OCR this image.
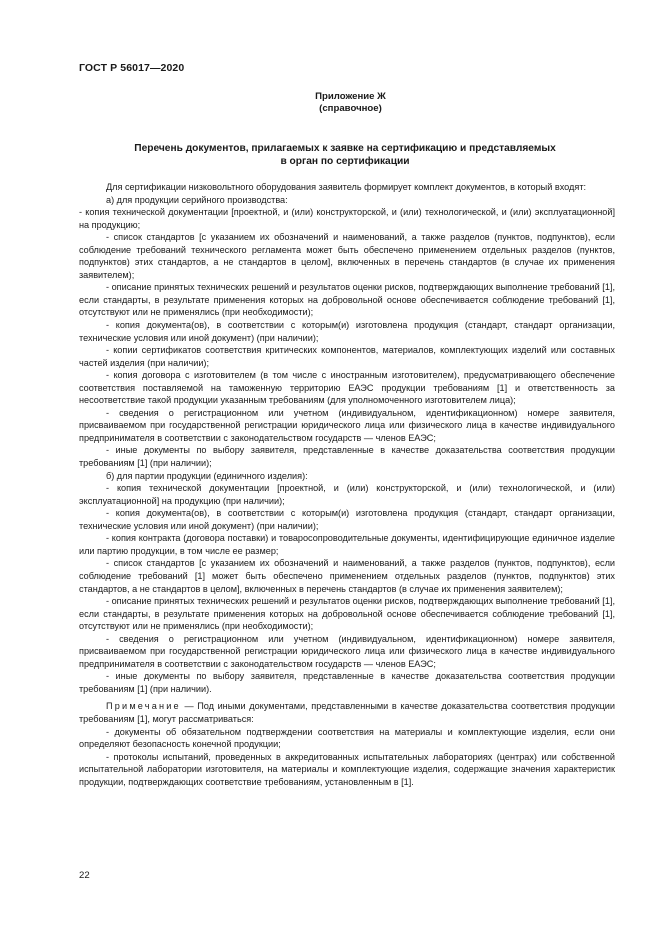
ГОСТ Р 56017—2020
Приложение Ж
(справочное)
Перечень документов, прилагаемых к заявке на сертификацию и представляемых
в орган по сертификации

Для сертификации низковольтного оборудования заявитель формирует комплект документов, в который входят:

а) для продукции серийного производства:

- копия технической документации [проектной, и (или) конструкторской, и (или) технологической, и (или) эксплуатационной] на продукцию;

- список стандартов [с указанием их обозначений и наименований, а также разделов (пунктов, подпунктов), если соблюдение требований технического регламента может быть обеспечено применением отдельных разделов (пунктов, подпунктов) этих стандартов, а не стандартов в целом], включенных в перечень стандартов (в случае их применения заявителем);

- описание принятых технических решений и результатов оценки рисков, подтверждающих выполнение требований [1], если стандарты, в результате применения которых на добровольной основе обеспечивается соблюдение требований [1], отсутствуют или не применялись (при необходимости);

- копия документа(ов), в соответствии с которым(и) изготовлена продукция (стандарт, стандарт организации, технические условия или иной документ) (при наличии);

- копии сертификатов соответствия критических компонентов, материалов, комплектующих изделий или составных частей изделия (при наличии);

- копия договора с изготовителем (в том числе с иностранным изготовителем), предусматривающего обеспечение соответствия поставляемой на таможенную территорию ЕАЭС продукции требованиям [1] и ответственность за несоответствие такой продукции указанным требованиям (для уполномоченного изготовителем лица);

- сведения о регистрационном или учетном (индивидуальном, идентификационном) номере заявителя, присваиваемом при государственной регистрации юридического лица или физического лица в качестве индивидуального предпринимателя в соответствии с законодательством государств — членов ЕАЭС;

- иные документы по выбору заявителя, представленные в качестве доказательства соответствия продукции требованиям [1] (при наличии);

б) для партии продукции (единичного изделия):

- копия технической документации [проектной, и (или) конструкторской, и (или) технологической, и (или) эксплуатационной] на продукцию (при наличии);

- копия документа(ов), в соответствии с которым(и) изготовлена продукция (стандарт, стандарт организации, технические условия или иной документ) (при наличии);

- копия контракта (договора поставки) и товаросопроводительные документы, идентифицирующие единичное изделие или партию продукции, в том числе ее размер;

- список стандартов [с указанием их обозначений и наименований, а также разделов (пунктов, подпунктов), если соблюдение требований [1] может быть обеспечено применением отдельных разделов (пунктов, подпунктов) этих стандартов, а не стандартов в целом], включенных в перечень стандартов (в случае их применения заявителем);

- описание принятых технических решений и результатов оценки рисков, подтверждающих выполнение требований [1], если стандарты, в результате применения которых на добровольной основе обеспечивается соблюдение требований [1], отсутствуют или не применялись (при необходимости);

- сведения о регистрационном или учетном (индивидуальном, идентификационном) номере заявителя, присваиваемом при государственной регистрации юридического лица или физического лица в качестве индивидуального предпринимателя в соответствии с законодательством государств — членов ЕАЭС;

- иные документы по выбору заявителя, представленные в качестве доказательства соответствия продукции требованиям [1] (при наличии).

Примечание — Под иными документами, представленными в качестве доказательства соответствия продукции требованиям [1], могут рассматриваться:

- документы об обязательном подтверждении соответствия на материалы и комплектующие изделия, если они определяют безопасность конечной продукции;

- протоколы испытаний, проведенных в аккредитованных испытательных лабораториях (центрах) или собственной испытательной лаборатории изготовителя, на материалы и комплектующие изделия, содержащие значения характеристик продукции, подтверждающих соответствие требованиям, установленным в [1].

22
